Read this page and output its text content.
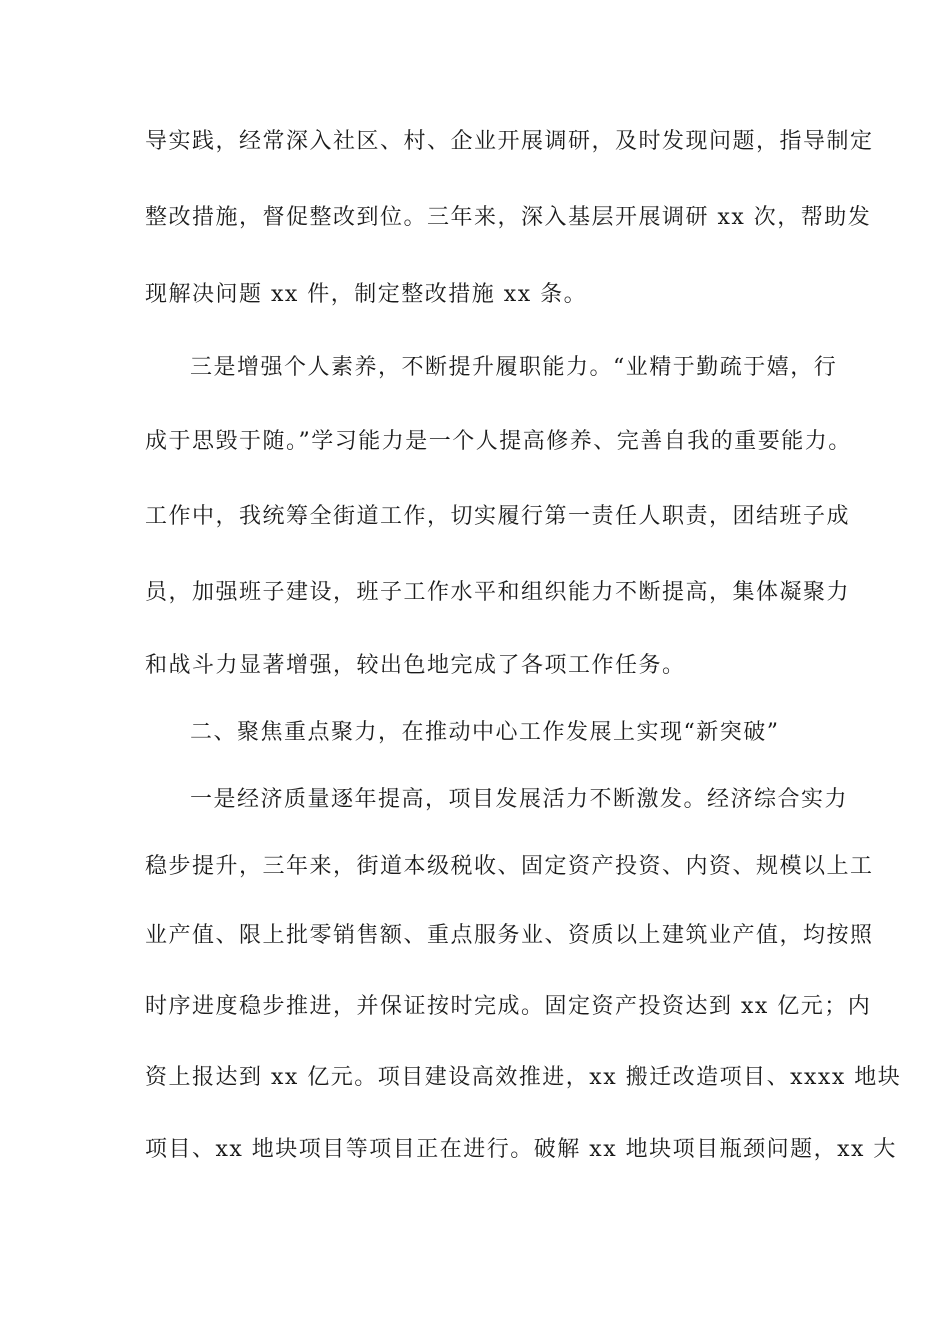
导实践，经常深入社区、村、企业开展调研，及时发现问题，指导制定
整改措施，督促整改到位。三年来，深入基层开展调研 xx 次，帮助发
现解决问题 xx 件，制定整改措施 xx 条。
三是增强个人素养，不断提升履职能力。“业精于勤疏于嬉，行
成于思毁于随。”学习能力是一个人提高修养、完善自我的重要能力。
工作中，我统筹全街道工作，切实履行第一责任人职责，团结班子成
员，加强班子建设，班子工作水平和组织能力不断提高，集体凝聚力
和战斗力显著增强，较出色地完成了各项工作任务。
二、聚焦重点聚力，在推动中心工作发展上实现“新突破”
一是经济质量逐年提高，项目发展活力不断激发。经济综合实力
稳步提升，三年来，街道本级税收、固定资产投资、内资、规模以上工
业产值、限上批零销售额、重点服务业、资质以上建筑业产值，均按照
时序进度稳步推进，并保证按时完成。固定资产投资达到 xx 亿元；内
资上报达到 xx 亿元。项目建设高效推进，xx 搬迁改造项目、xxxx 地块
项目、xx 地块项目等项目正在进行。破解 xx 地块项目瓶颈问题，xx 大
